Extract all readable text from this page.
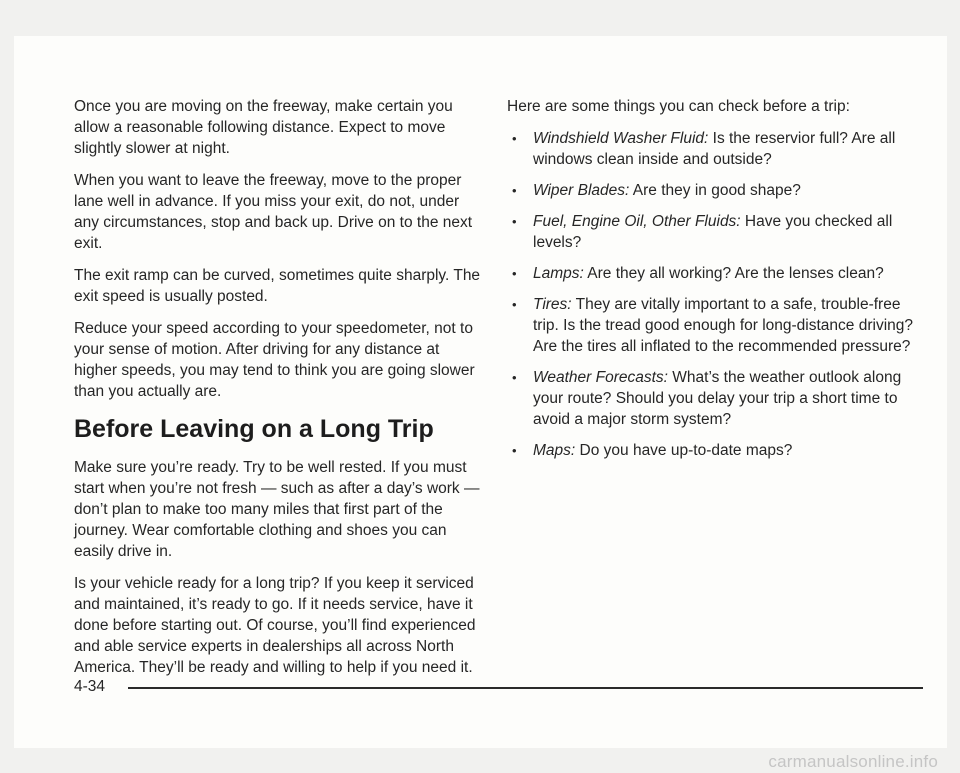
Once you are moving on the freeway, make certain you allow a reasonable following distance. Expect to move slightly slower at night.

When you want to leave the freeway, move to the proper lane well in advance. If you miss your exit, do not, under any circumstances, stop and back up. Drive on to the next exit.

The exit ramp can be curved, sometimes quite sharply. The exit speed is usually posted.

Reduce your speed according to your speedometer, not to your sense of motion. After driving for any distance at higher speeds, you may tend to think you are going slower than you actually are.

Before Leaving on a Long Trip

Make sure you’re ready. Try to be well rested. If you must start when you’re not fresh — such as after a day’s work — don’t plan to make too many miles that first part of the journey. Wear comfortable clothing and shoes you can easily drive in.

Is your vehicle ready for a long trip? If you keep it serviced and maintained, it’s ready to go. If it needs service, have it done before starting out. Of course, you’ll find experienced and able service experts in dealerships all across North America. They’ll be ready and willing to help if you need it.

Here are some things you can check before a trip:

• Windshield Washer Fluid: Is the reservior full? Are all windows clean inside and outside?
• Wiper Blades: Are they in good shape?
• Fuel, Engine Oil, Other Fluids: Have you checked all levels?
• Lamps: Are they all working? Are the lenses clean?
• Tires: They are vitally important to a safe, trouble-free trip. Is the tread good enough for long-distance driving? Are the tires all inflated to the recommended pressure?
• Weather Forecasts: What’s the weather outlook along your route? Should you delay your trip a short time to avoid a major storm system?
• Maps: Do you have up-to-date maps?
4-34
carmanualsonline.info
